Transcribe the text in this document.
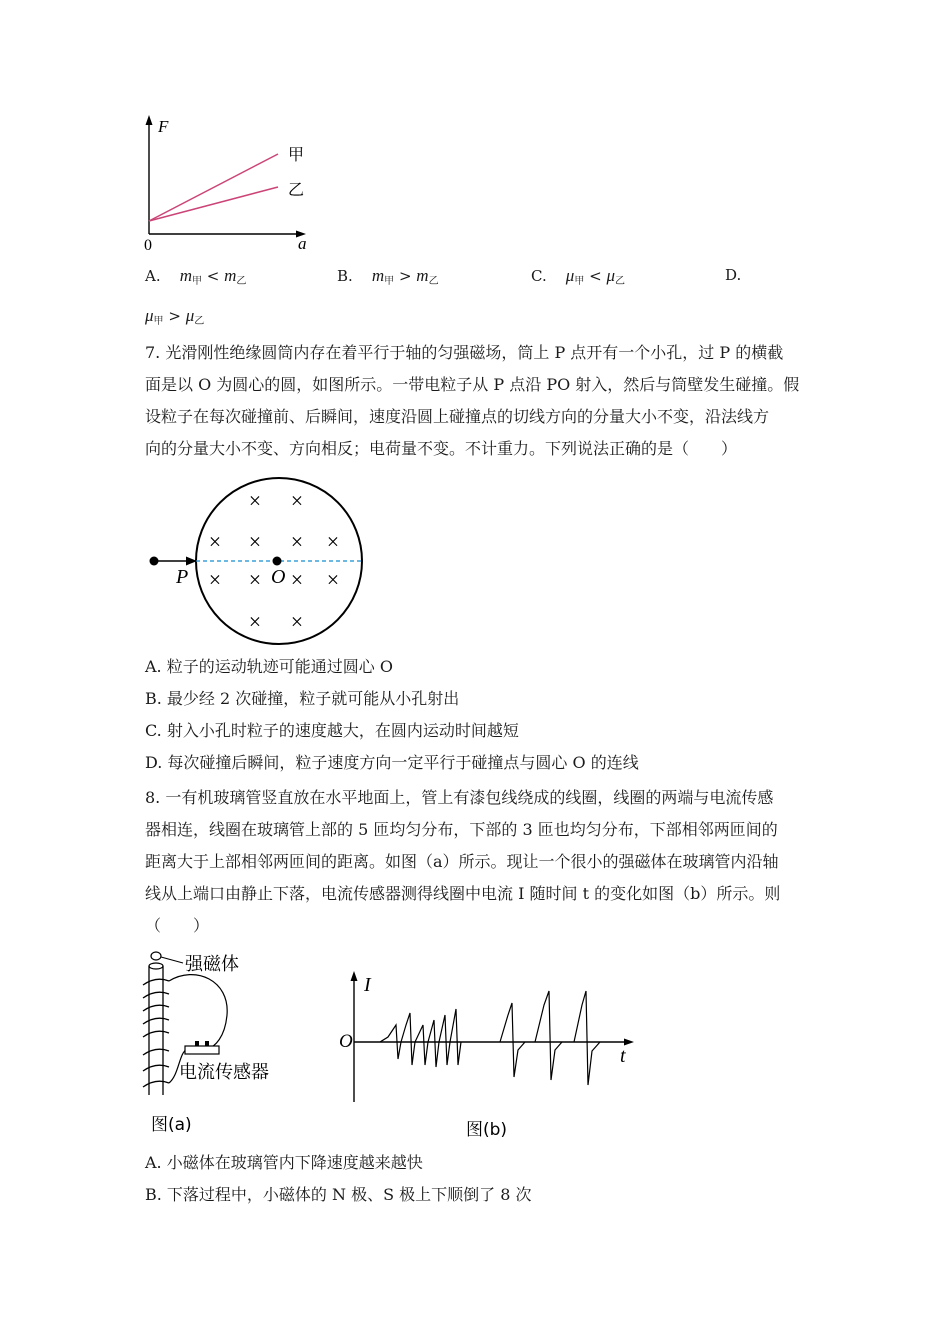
F
a
0
甲
乙
A. $m_甲 < m_乙$	B. $m_甲 > m_乙$	C. $\mu_甲 < \mu_乙$	D.
$\mu_甲 > \mu_乙$
7. 光滑刚性绝缘圆筒内存在着平行于轴的匀强磁场，筒上 P 点开有一个小孔，过 P 的横截
面是以 O 为圆心的圆，如图所示。一带电粒子从 P 点沿 PO 射入，然后与筒壁发生碰撞。假
设粒子在每次碰撞前、后瞬间，速度沿圆上碰撞点的切线方向的分量大小不变，沿法线方
向的分量大小不变、方向相反；电荷量不变。不计重力。下列说法正确的是（　　）
× ×
× × × ×
× × × ×
× ×
P	O
A. 粒子的运动轨迹可能通过圆心 O
B. 最少经 2 次碰撞，粒子就可能从小孔射出
C. 射入小孔时粒子的速度越大，在圆内运动时间越短
D. 每次碰撞后瞬间，粒子速度方向一定平行于碰撞点与圆心 O 的连线
8. 一有机玻璃管竖直放在水平地面上，管上有漆包线绕成的线圈，线圈的两端与电流传感
器相连，线圈在玻璃管上部的 5 匝均匀分布，下部的 3 匝也均匀分布，下部相邻两匝间的
距离大于上部相邻两匝间的距离。如图（a）所示。现让一个很小的强磁体在玻璃管内沿轴
线从上端口由静止下落，电流传感器测得线圈中电流 I 随时间 t 的变化如图（b）所示。则
（　　）
强磁体
电流传感器
图(a)
I
t
O
图(b)
A. 小磁体在玻璃管内下降速度越来越快
B. 下落过程中，小磁体的 N 极、S 极上下顺倒了 8 次
